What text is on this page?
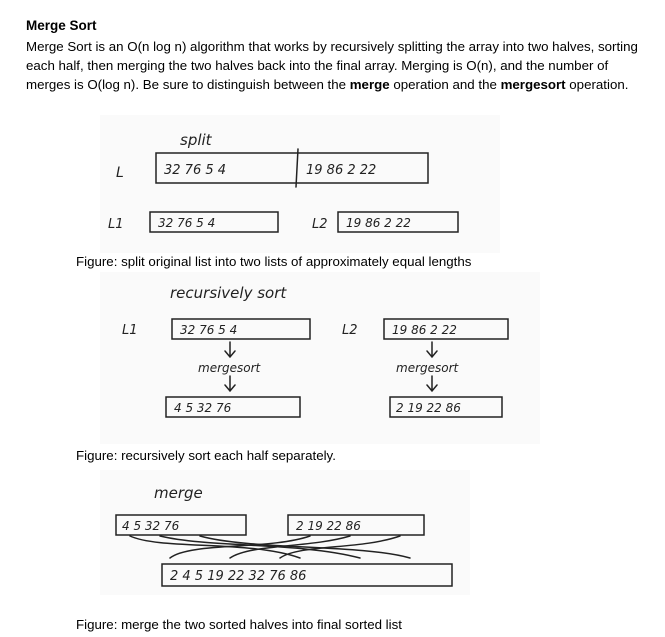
Merge Sort
Merge Sort is an O(n log n) algorithm that works by recursively splitting the array into two halves, sorting each half, then merging the two halves back into the final array. Merging is O(n), and the number of merges is O(log n). Be sure to distinguish between the merge operation and the mergesort operation.
split
L	32 76 5 4	19 86 2 22
L1	32 76 5 4	L2 19 86 2 22
Figure: split original list into two lists of approximately equal lengths
recursively sort
L1	32 76 5 4	L2	19 86 2 22
mergesort	mergesort
4 5 32 76	2 19 22 86
Figure: recursively sort each half separately.
merge
4 5 32 76	2 19 22 86
2 4 5 19 22 32 76 86
Figure: merge the two sorted halves into final sorted list
